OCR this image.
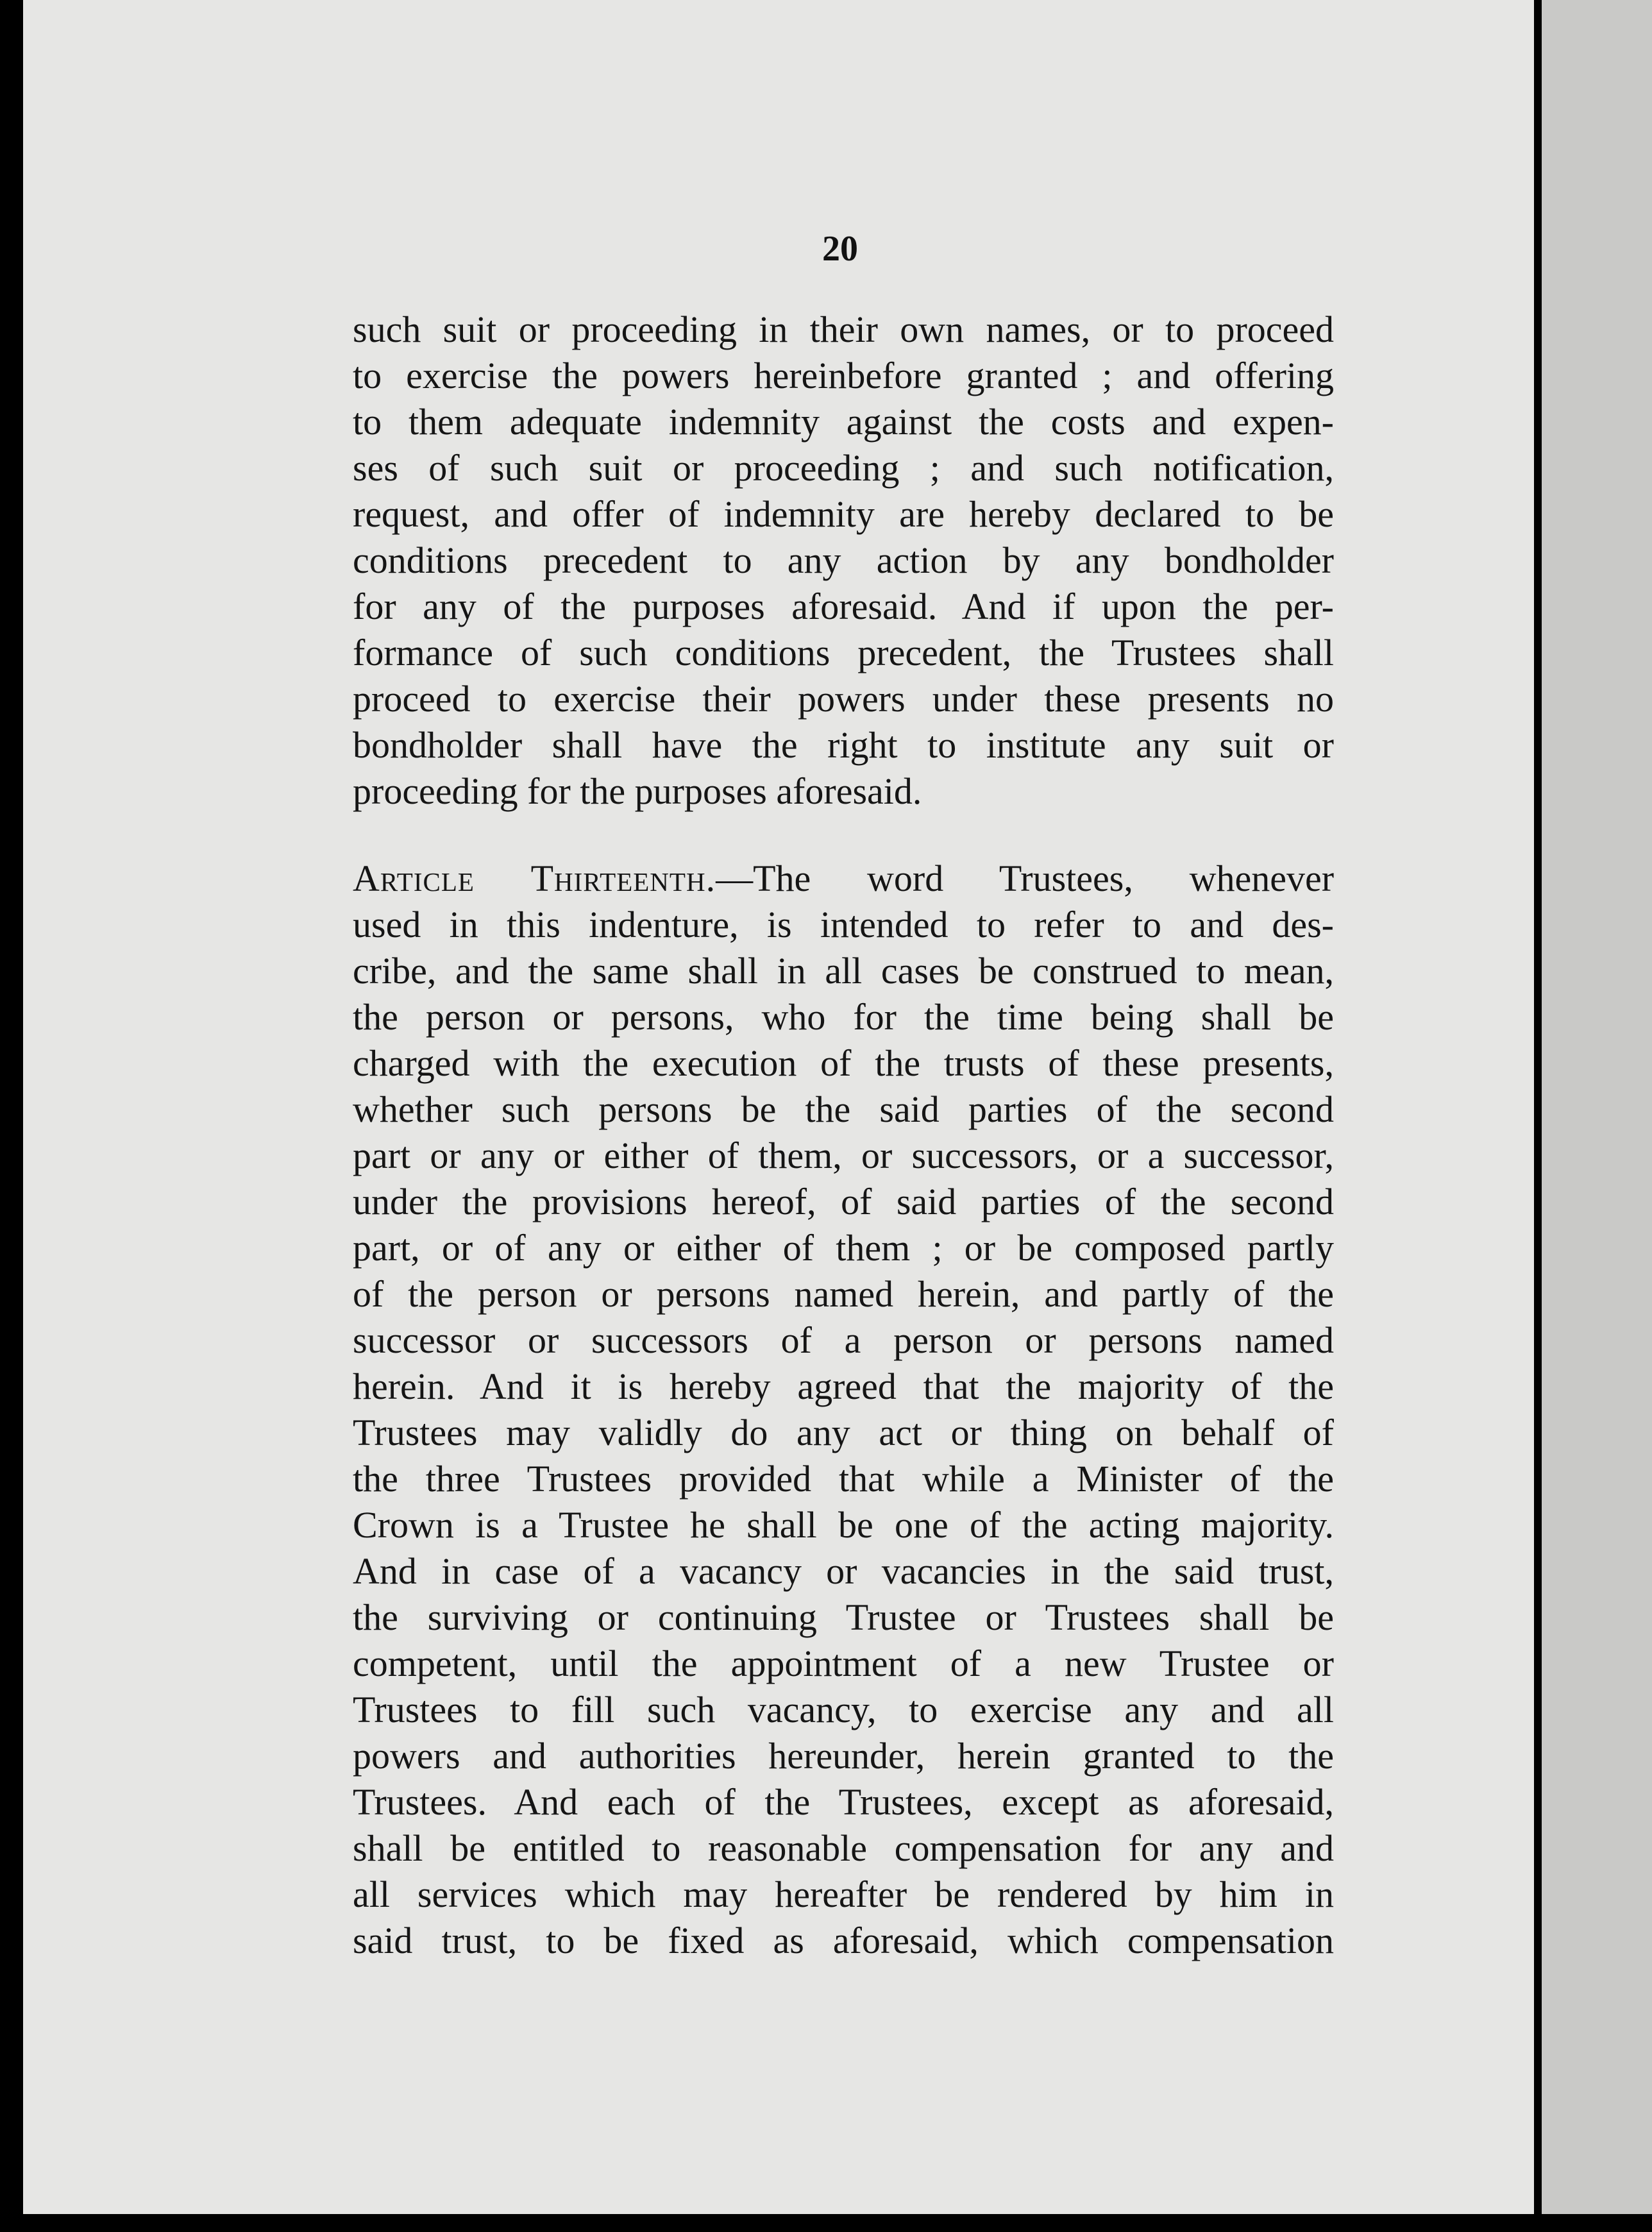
20
such suit or proceeding in their own names, or to proceed
to exercise the powers hereinbefore granted ; and offering
to them adequate indemnity against the costs and expen-
ses of such suit or proceeding ; and such notification,
request, and offer of indemnity are hereby declared to be
conditions precedent to any action by any bondholder
for any of the purposes aforesaid. And if upon the per-
formance of such conditions precedent, the Trustees shall
proceed to exercise their powers under these presents no
bondholder shall have the right to institute any suit or
proceeding for the purposes aforesaid.
Article Thirteenth.—The word Trustees, whenever
used in this indenture, is intended to refer to and des-
cribe, and the same shall in all cases be construed to mean,
the person or persons, who for the time being shall be
charged with the execution of the trusts of these presents,
whether such persons be the said parties of the second
part or any or either of them, or successors, or a successor,
under the provisions hereof, of said parties of the second
part, or of any or either of them ; or be composed partly
of the person or persons named herein, and partly of the
successor or successors of a person or persons named
herein. And it is hereby agreed that the majority of the
Trustees may validly do any act or thing on behalf of
the three Trustees provided that while a Minister of the
Crown is a Trustee he shall be one of the acting majority.
And in case of a vacancy or vacancies in the said trust,
the surviving or continuing Trustee or Trustees shall be
competent, until the appointment of a new Trustee or
Trustees to fill such vacancy, to exercise any and all
powers and authorities hereunder, herein granted to the
Trustees. And each of the Trustees, except as aforesaid,
shall be entitled to reasonable compensation for any and
all services which may hereafter be rendered by him in
said trust, to be fixed as aforesaid, which compensation
